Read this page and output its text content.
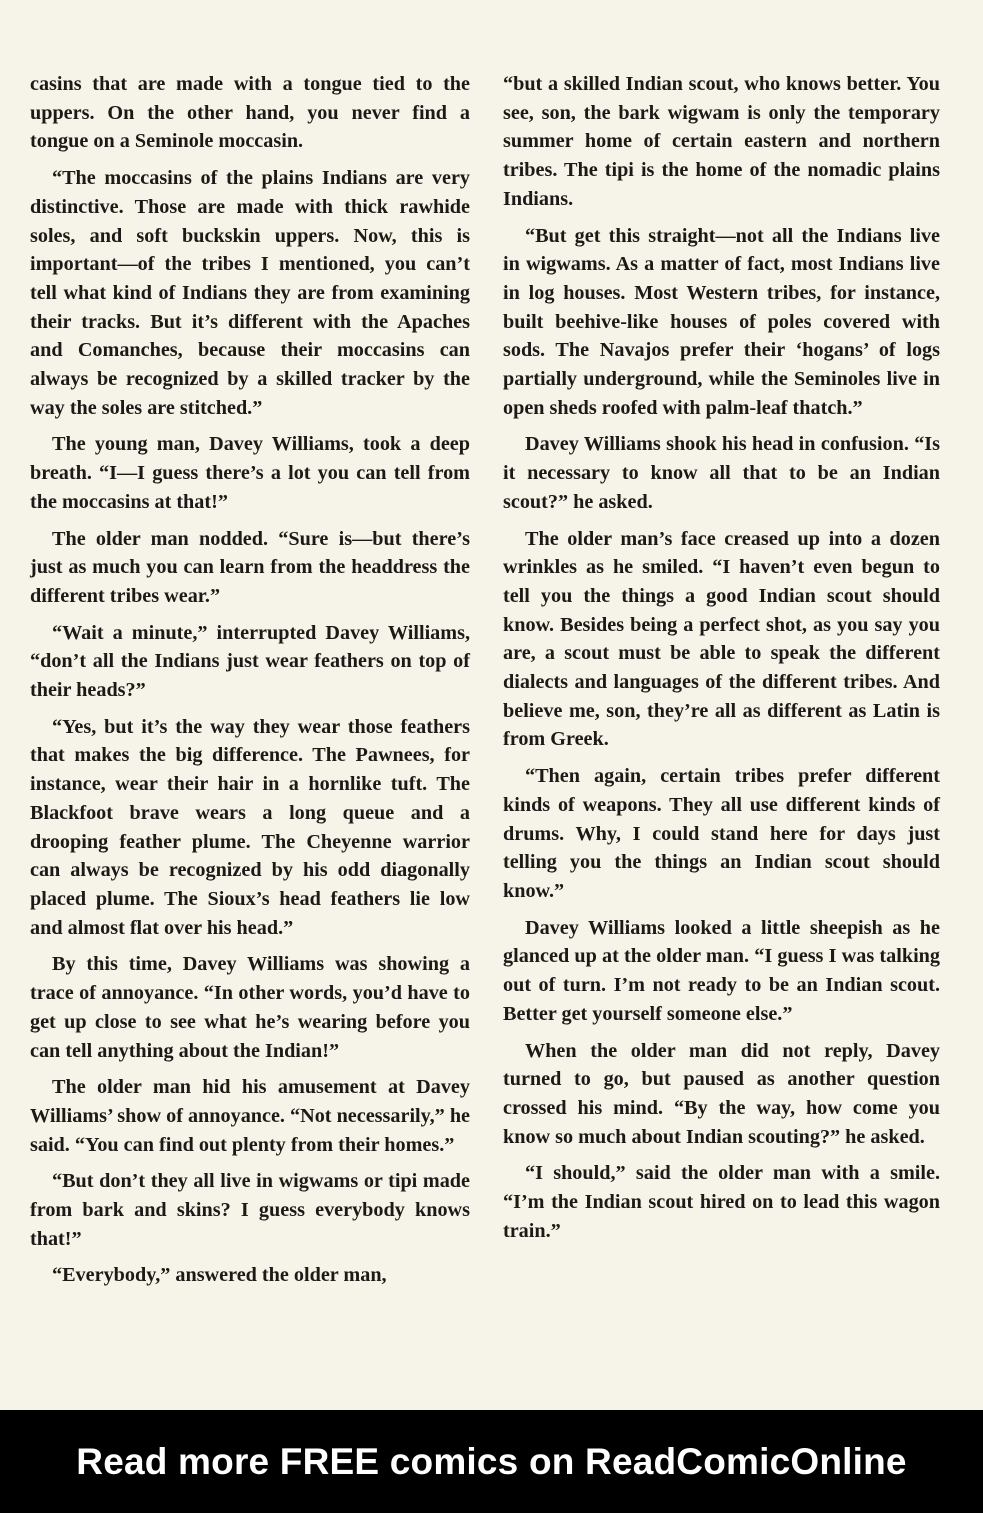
casins that are made with a tongue tied to the uppers. On the other hand, you never find a tongue on a Seminole moccasin.

“The moccasins of the plains Indians are very distinctive. Those are made with thick rawhide soles, and soft buckskin uppers. Now, this is important—of the tribes I mentioned, you can’t tell what kind of Indians they are from examining their tracks. But it’s different with the Apaches and Comanches, because their moccasins can always be recognized by a skilled tracker by the way the soles are stitched.”

The young man, Davey Williams, took a deep breath. “I—I guess there’s a lot you can tell from the moccasins at that!”

The older man nodded. “Sure is—but there’s just as much you can learn from the headdress the different tribes wear.”

“Wait a minute,” interrupted Davey Williams, “don’t all the Indians just wear feathers on top of their heads?”

“Yes, but it’s the way they wear those feathers that makes the big difference. The Pawnees, for instance, wear their hair in a hornlike tuft. The Blackfoot brave wears a long queue and a drooping feather plume. The Cheyenne warrior can always be recognized by his odd diagonally placed plume. The Sioux’s head feathers lie low and almost flat over his head.”

By this time, Davey Williams was showing a trace of annoyance. “In other words, you’d have to get up close to see what he’s wearing before you can tell anything about the Indian!”

The older man hid his amusement at Davey Williams’ show of annoyance. “Not necessarily,” he said. “You can find out plenty from their homes.”

“But don’t they all live in wigwams or tipi made from bark and skins? I guess everybody knows that!”

“Everybody,” answered the older man,

“but a skilled Indian scout, who knows better. You see, son, the bark wigwam is only the temporary summer home of certain eastern and northern tribes. The tipi is the home of the nomadic plains Indians.

“But get this straight—not all the Indians live in wigwams. As a matter of fact, most Indians live in log houses. Most Western tribes, for instance, built beehive-like houses of poles covered with sods. The Navajos prefer their ‘hogans’ of logs partially underground, while the Seminoles live in open sheds roofed with palm-leaf thatch.”

Davey Williams shook his head in confusion. “Is it necessary to know all that to be an Indian scout?” he asked.

The older man’s face creased up into a dozen wrinkles as he smiled. “I haven’t even begun to tell you the things a good Indian scout should know. Besides being a perfect shot, as you say you are, a scout must be able to speak the different dialects and languages of the different tribes. And believe me, son, they’re all as different as Latin is from Greek.

“Then again, certain tribes prefer different kinds of weapons. They all use different kinds of drums. Why, I could stand here for days just telling you the things an Indian scout should know.”

Davey Williams looked a little sheepish as he glanced up at the older man. “I guess I was talking out of turn. I’m not ready to be an Indian scout. Better get yourself someone else.”

When the older man did not reply, Davey turned to go, but paused as another question crossed his mind. “By the way, how come you know so much about Indian scouting?” he asked.

“I should,” said the older man with a smile. “I’m the Indian scout hired on to lead this wagon train.”

Read more FREE comics on ReadComicOnline
